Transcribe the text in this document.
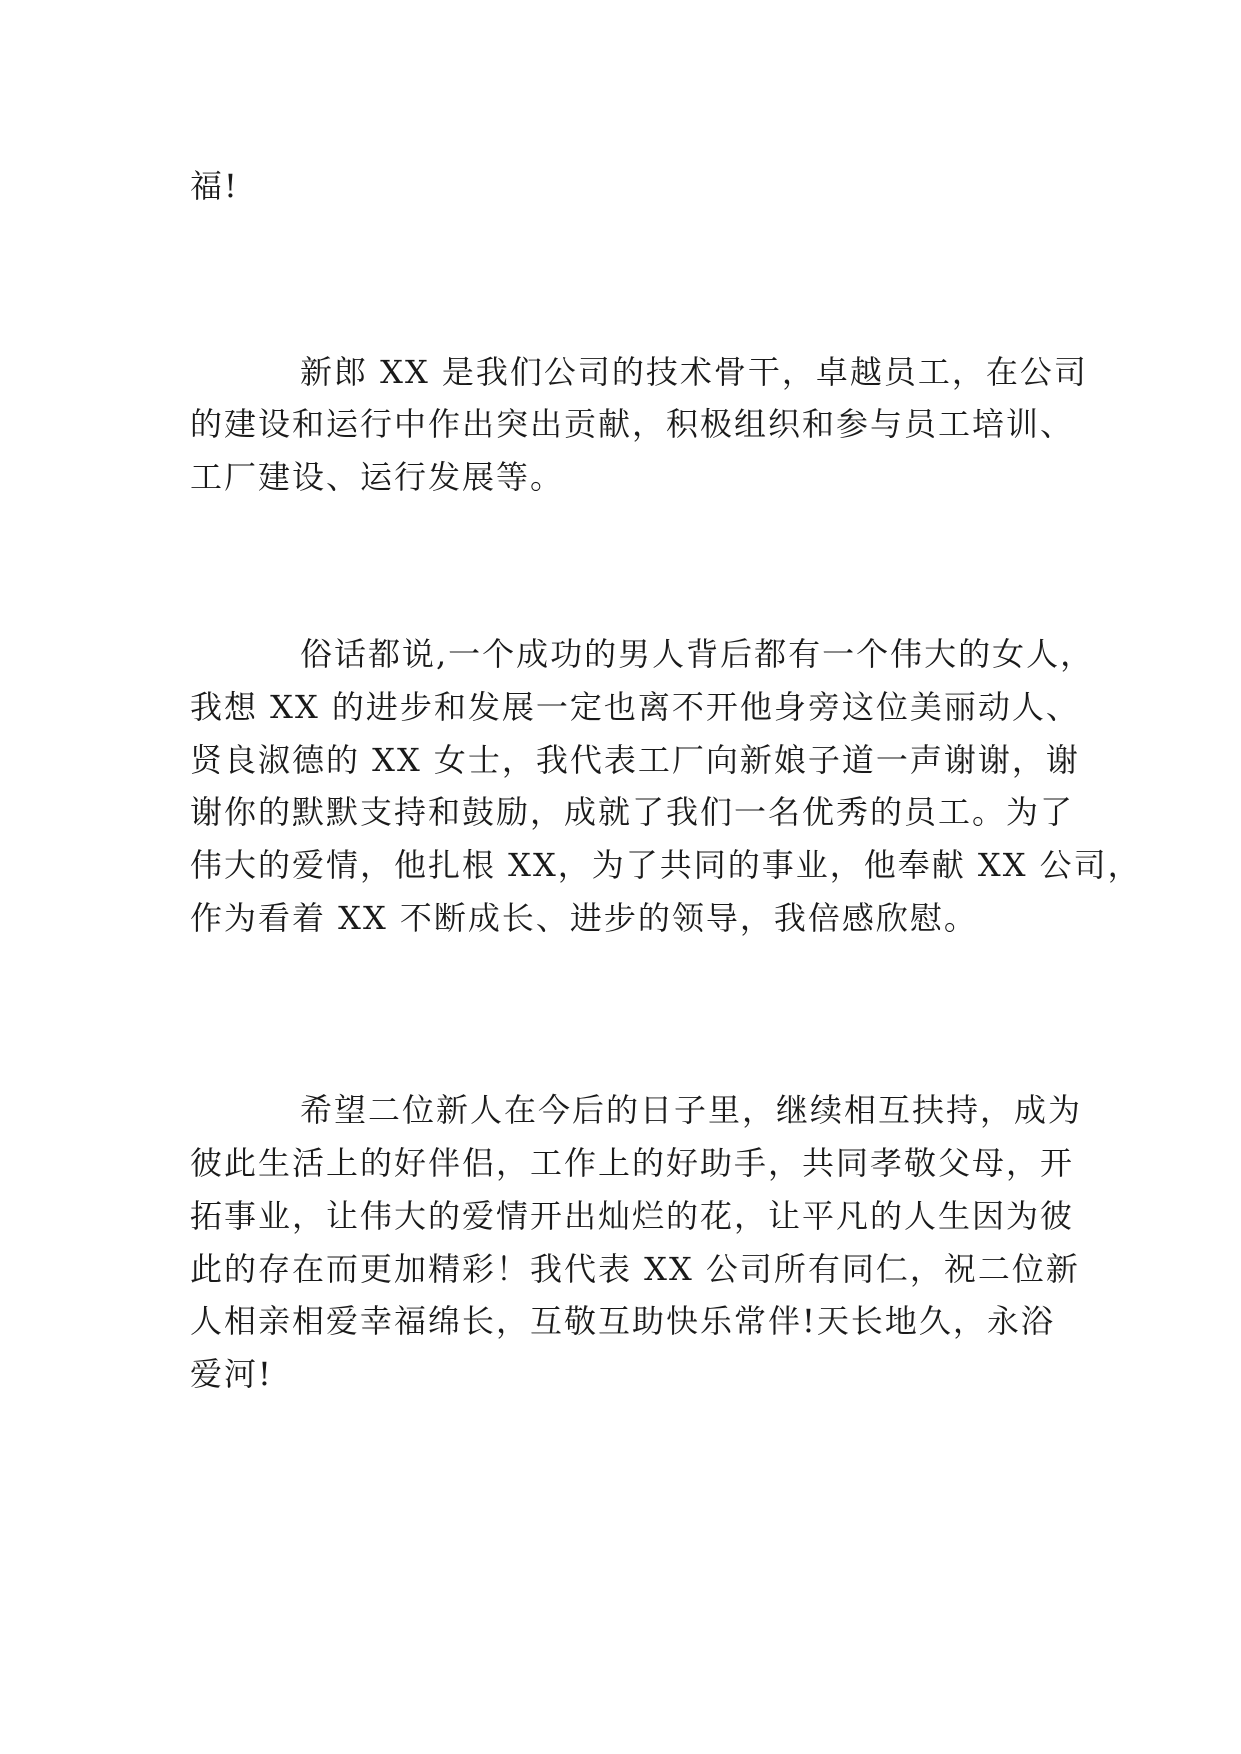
福!
新郎 XX 是我们公司的技术骨干，卓越员工，在公司
的建设和运行中作出突出贡献，积极组织和参与员工培训、
工厂建设、运行发展等。
俗话都说,一个成功的男人背后都有一个伟大的女人，
我想 XX 的进步和发展一定也离不开他身旁这位美丽动人、
贤良淑德的 XX 女士，我代表工厂向新娘子道一声谢谢，谢
谢你的默默支持和鼓励，成就了我们一名优秀的员工。为了
伟大的爱情，他扎根 XX，为了共同的事业，他奉献 XX 公司，
作为看着 XX 不断成长、进步的领导，我倍感欣慰。
希望二位新人在今后的日子里，继续相互扶持，成为
彼此生活上的好伴侣，工作上的好助手，共同孝敬父母，开
拓事业，让伟大的爱情开出灿烂的花，让平凡的人生因为彼
此的存在而更加精彩！我代表 XX 公司所有同仁，祝二位新
人相亲相爱幸福绵长，互敬互助快乐常伴!天长地久，永浴
爱河!
